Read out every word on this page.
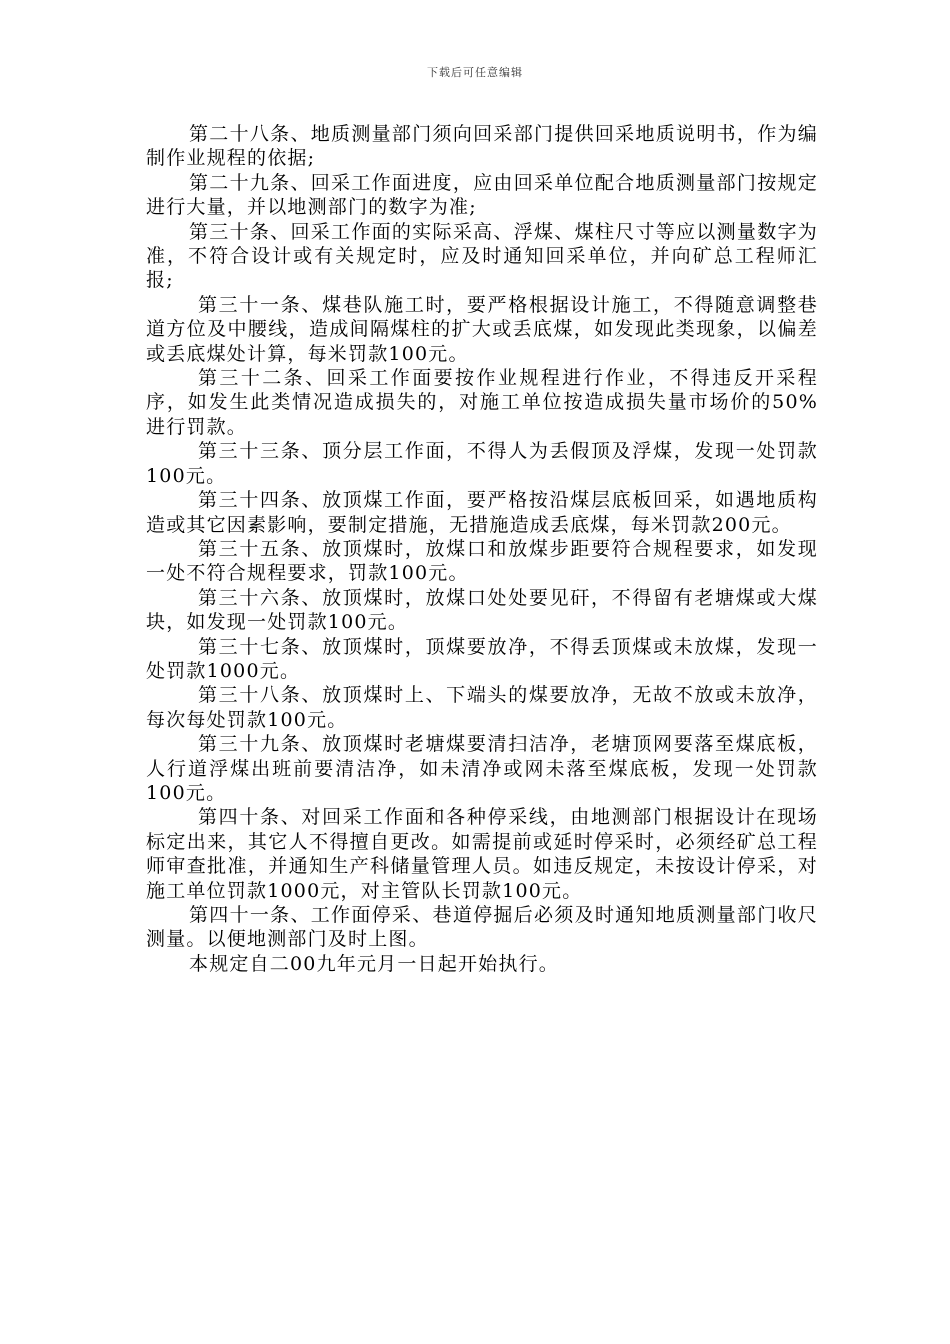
下载后可任意编辑

第二十八条、地质测量部门须向回采部门提供回采地质说明书，作为编制作业规程的依据;

第二十九条、回采工作面进度，应由回采单位配合地质测量部门按规定进行大量，并以地测部门的数字为准;

第三十条、回采工作面的实际采高、浮煤、煤柱尺寸等应以测量数字为准，不符合设计或有关规定时，应及时通知回采单位，并向矿总工程师汇报;

第三十一条、煤巷队施工时，要严格根据设计施工，不得随意调整巷道方位及中腰线，造成间隔煤柱的扩大或丢底煤，如发现此类现象，以偏差或丢底煤处计算，每米罚款100元。

第三十二条、回采工作面要按作业规程进行作业，不得违反开采程序，如发生此类情况造成损失的，对施工单位按造成损失量市场价的50%进行罚款。

第三十三条、顶分层工作面，不得人为丢假顶及浮煤，发现一处罚款100元。

第三十四条、放顶煤工作面，要严格按沿煤层底板回采，如遇地质构造或其它因素影响，要制定措施，无措施造成丢底煤，每米罚款200元。

第三十五条、放顶煤时，放煤口和放煤步距要符合规程要求，如发现一处不符合规程要求，罚款100元。

第三十六条、放顶煤时，放煤口处处要见矸，不得留有老塘煤或大煤块，如发现一处罚款100元。

第三十七条、放顶煤时，顶煤要放净，不得丢顶煤或未放煤，发现一处罚款1000元。

第三十八条、放顶煤时上、下端头的煤要放净，无故不放或未放净，每次每处罚款100元。

第三十九条、放顶煤时老塘煤要清扫洁净，老塘顶网要落至煤底板，人行道浮煤出班前要清洁净，如未清净或网未落至煤底板，发现一处罚款100元。

第四十条、对回采工作面和各种停采线，由地测部门根据设计在现场标定出来，其它人不得擅自更改。如需提前或延时停采时，必须经矿总工程师审查批准，并通知生产科储量管理人员。如违反规定，未按设计停采，对施工单位罚款1000元，对主管队长罚款100元。

第四十一条、工作面停采、巷道停掘后必须及时通知地质测量部门收尺测量。以便地测部门及时上图。

本规定自二00九年元月一日起开始执行。
